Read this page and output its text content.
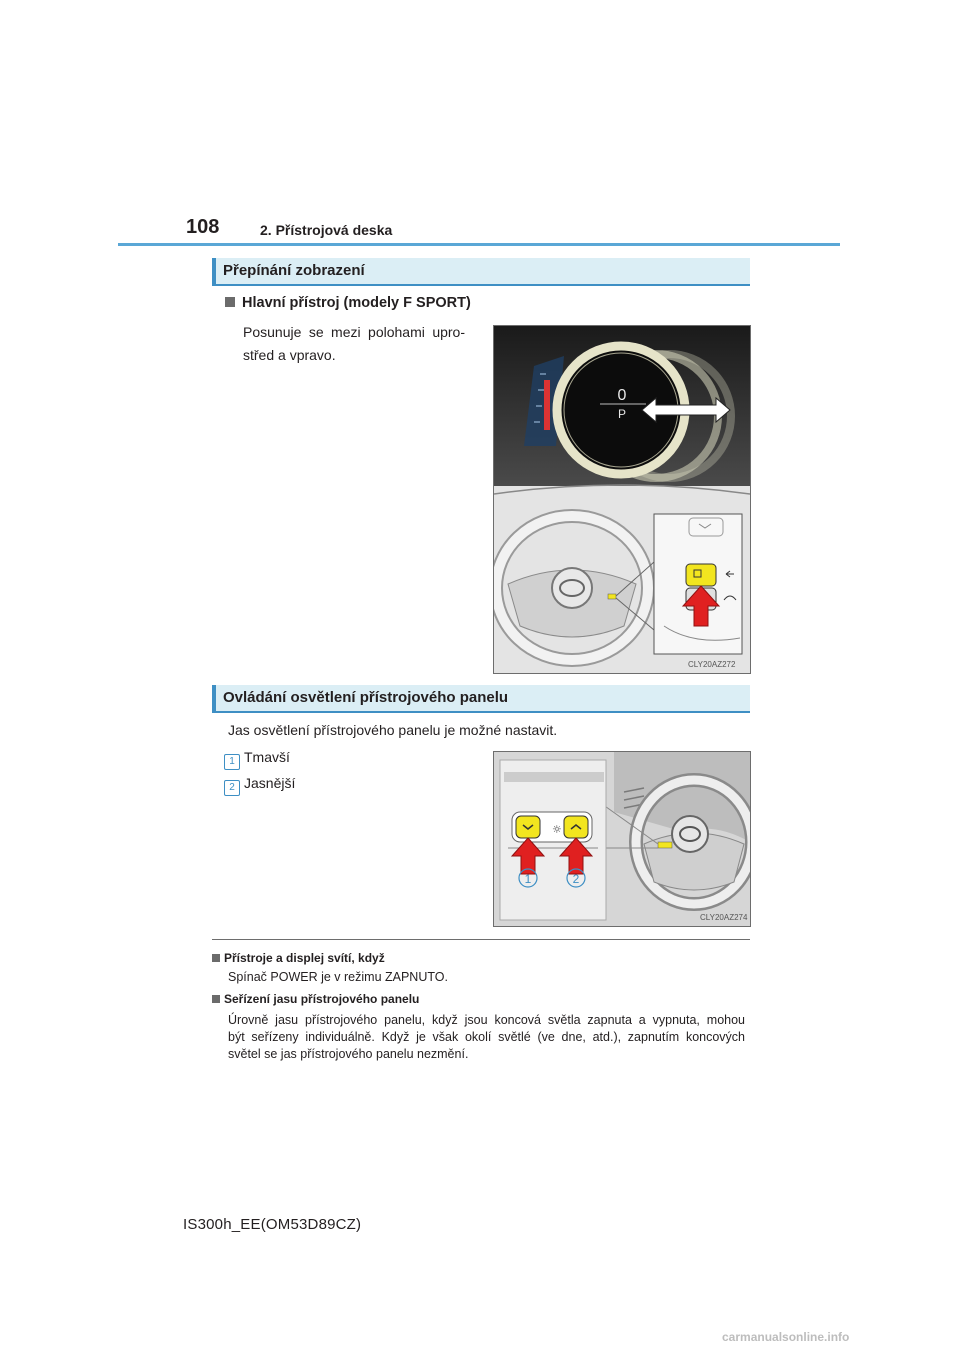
108	2. Přístrojová deska
Přepínání zobrazení
Hlavní přístroj (modely F SPORT)
Posunuje se mezi polohami upro-
střed a vpravo.
0
P
CLY20AZ272
Ovládání osvětlení přístrojového panelu
Jas osvětlení přístrojového panelu je možné nastavit.
1 Tmavší
2 Jasnější
☼
1	2
CLY20AZ274
Přístroje a displej svítí, když
Spínač POWER je v režimu ZAPNUTO.
Seřízení jasu přístrojového panelu
Úrovně jasu přístrojového panelu, když jsou koncová světla zapnuta a vypnuta, mohou
být seřízeny individuálně. Když je však okolí světlé (ve dne, atd.), zapnutím koncových
světel se jas přístrojového panelu nezmění.
IS300h_EE(OM53D89CZ)
carmanualsonline.info
